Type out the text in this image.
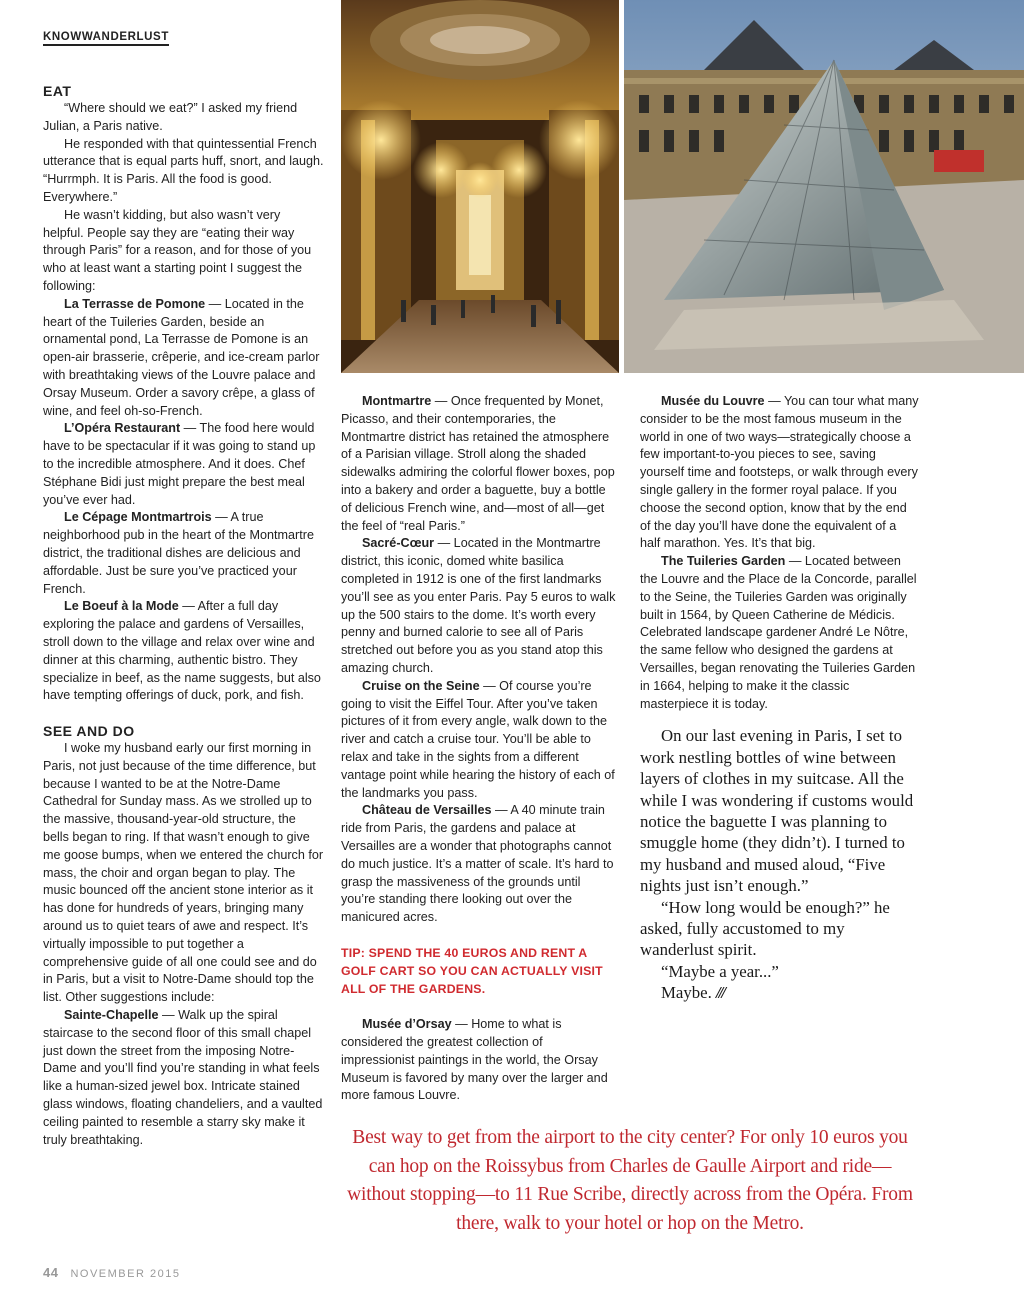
KNOWWANDERLUST
EAT

“Where should we eat?” I asked my friend Julian, a Paris native.

He responded with that quintessential French utterance that is equal parts huff, snort, and laugh. “Hurrmph. It is Paris. All the food is good. Everywhere.”

He wasn’t kidding, but also wasn’t very helpful. People say they are “eating their way through Paris” for a reason, and for those of you who at least want a starting point I suggest the following:

La Terrasse de Pomone — Located in the heart of the Tuileries Garden, beside an ornamental pond, La Terrasse de Pomone is an open-air brasserie, crêperie, and ice-cream parlor with breathtaking views of the Louvre palace and Orsay Museum. Order a savory crêpe, a glass of wine, and feel oh-so-French.

L’Opéra Restaurant — The food here would have to be spectacular if it was going to stand up to the incredible atmosphere. And it does. Chef Stéphane Bidi just might prepare the best meal you’ve ever had.

Le Cépage Montmartrois — A true neighborhood pub in the heart of the Montmartre district, the traditional dishes are delicious and affordable. Just be sure you’ve practiced your French.

Le Boeuf à la Mode — After a full day exploring the palace and gardens of Versailles, stroll down to the village and relax over wine and dinner at this charming, authentic bistro. They specialize in beef, as the name suggests, but also have tempting offerings of duck, pork, and fish.

SEE AND DO

I woke my husband early our first morning in Paris, not just because of the time difference, but because I wanted to be at the Notre-Dame Cathedral for Sunday mass. As we strolled up to the massive, thousand-year-old structure, the bells began to ring. If that wasn’t enough to give me goose bumps, when we entered the church for mass, the choir and organ began to play. The music bounced off the ancient stone interior as it has done for hundreds of years, bringing many around us to quiet tears of awe and respect. It’s virtually impossible to put together a comprehensive guide of all one could see and do in Paris, but a visit to Notre-Dame should top the list. Other suggestions include:

Sainte-Chapelle — Walk up the spiral staircase to the second floor of this small chapel just down the street from the imposing Notre-Dame and you’ll find you’re standing in what feels like a human-sized jewel box. Intricate stained glass windows, floating chandeliers, and a vaulted ceiling painted to resemble a starry sky make it truly breathtaking.

Montmartre — Once frequented by Monet, Picasso, and their contemporaries, the Montmartre district has retained the atmosphere of a Parisian village. Stroll along the shaded sidewalks admiring the colorful flower boxes, pop into a bakery and order a baguette, buy a bottle of delicious French wine, and—most of all—get the feel of “real Paris.”

Sacré-Cœur — Located in the Montmartre district, this iconic, domed white basilica completed in 1912 is one of the first landmarks you’ll see as you enter Paris. Pay 5 euros to walk up the 500 stairs to the dome. It’s worth every penny and burned calorie to see all of Paris stretched out before you as you stand atop this amazing church.

Cruise on the Seine — Of course you’re going to visit the Eiffel Tour. After you’ve taken pictures of it from every angle, walk down to the river and catch a cruise tour. You’ll be able to relax and take in the sights from a different vantage point while hearing the history of each of the landmarks you pass.

Château de Versailles — A 40 minute train ride from Paris, the gardens and palace at Versailles are a wonder that photographs cannot do much justice. It’s a matter of scale. It’s hard to grasp the massiveness of the grounds until you’re standing there looking out over the manicured acres.

TIP: SPEND THE 40 EUROS AND RENT A GOLF CART SO YOU CAN ACTUALLY VISIT ALL OF THE GARDENS.

Musée d’Orsay — Home to what is considered the greatest collection of impressionist paintings in the world, the Orsay Museum is favored by many over the larger and more famous Louvre.

Musée du Louvre — You can tour what many consider to be the most famous museum in the world in one of two ways—strategically choose a few important-to-you pieces to see, saving yourself time and footsteps, or walk through every single gallery in the former royal palace. If you choose the second option, know that by the end of the day you’ll have done the equivalent of a half marathon. Yes. It’s that big.

The Tuileries Garden — Located between the Louvre and the Place de la Concorde, parallel to the Seine, the Tuileries Garden was originally built in 1564, by Queen Catherine de Médicis. Celebrated landscape gardener André Le Nôtre, the same fellow who designed the gardens at Versailles, began renovating the Tuileries Garden in 1664, helping to make it the classic masterpiece it is today.

On our last evening in Paris, I set to work nestling bottles of wine between layers of clothes in my suitcase. All the while I was wondering if customs would notice the baguette I was planning to smuggle home (they didn’t). I turned to my husband and mused aloud, “Five nights just isn’t enough.”

“How long would be enough?” he asked, fully accustomed to my wanderlust spirit.

“Maybe a year...”

Maybe. ///

Best way to get from the airport to the city center? For only 10 euros you can hop on the Roissybus from Charles de Gaulle Airport and ride—without stopping—to 11 Rue Scribe, directly across from the Opéra. From there, walk to your hotel or hop on the Metro.
44 NOVEMBER 2015
